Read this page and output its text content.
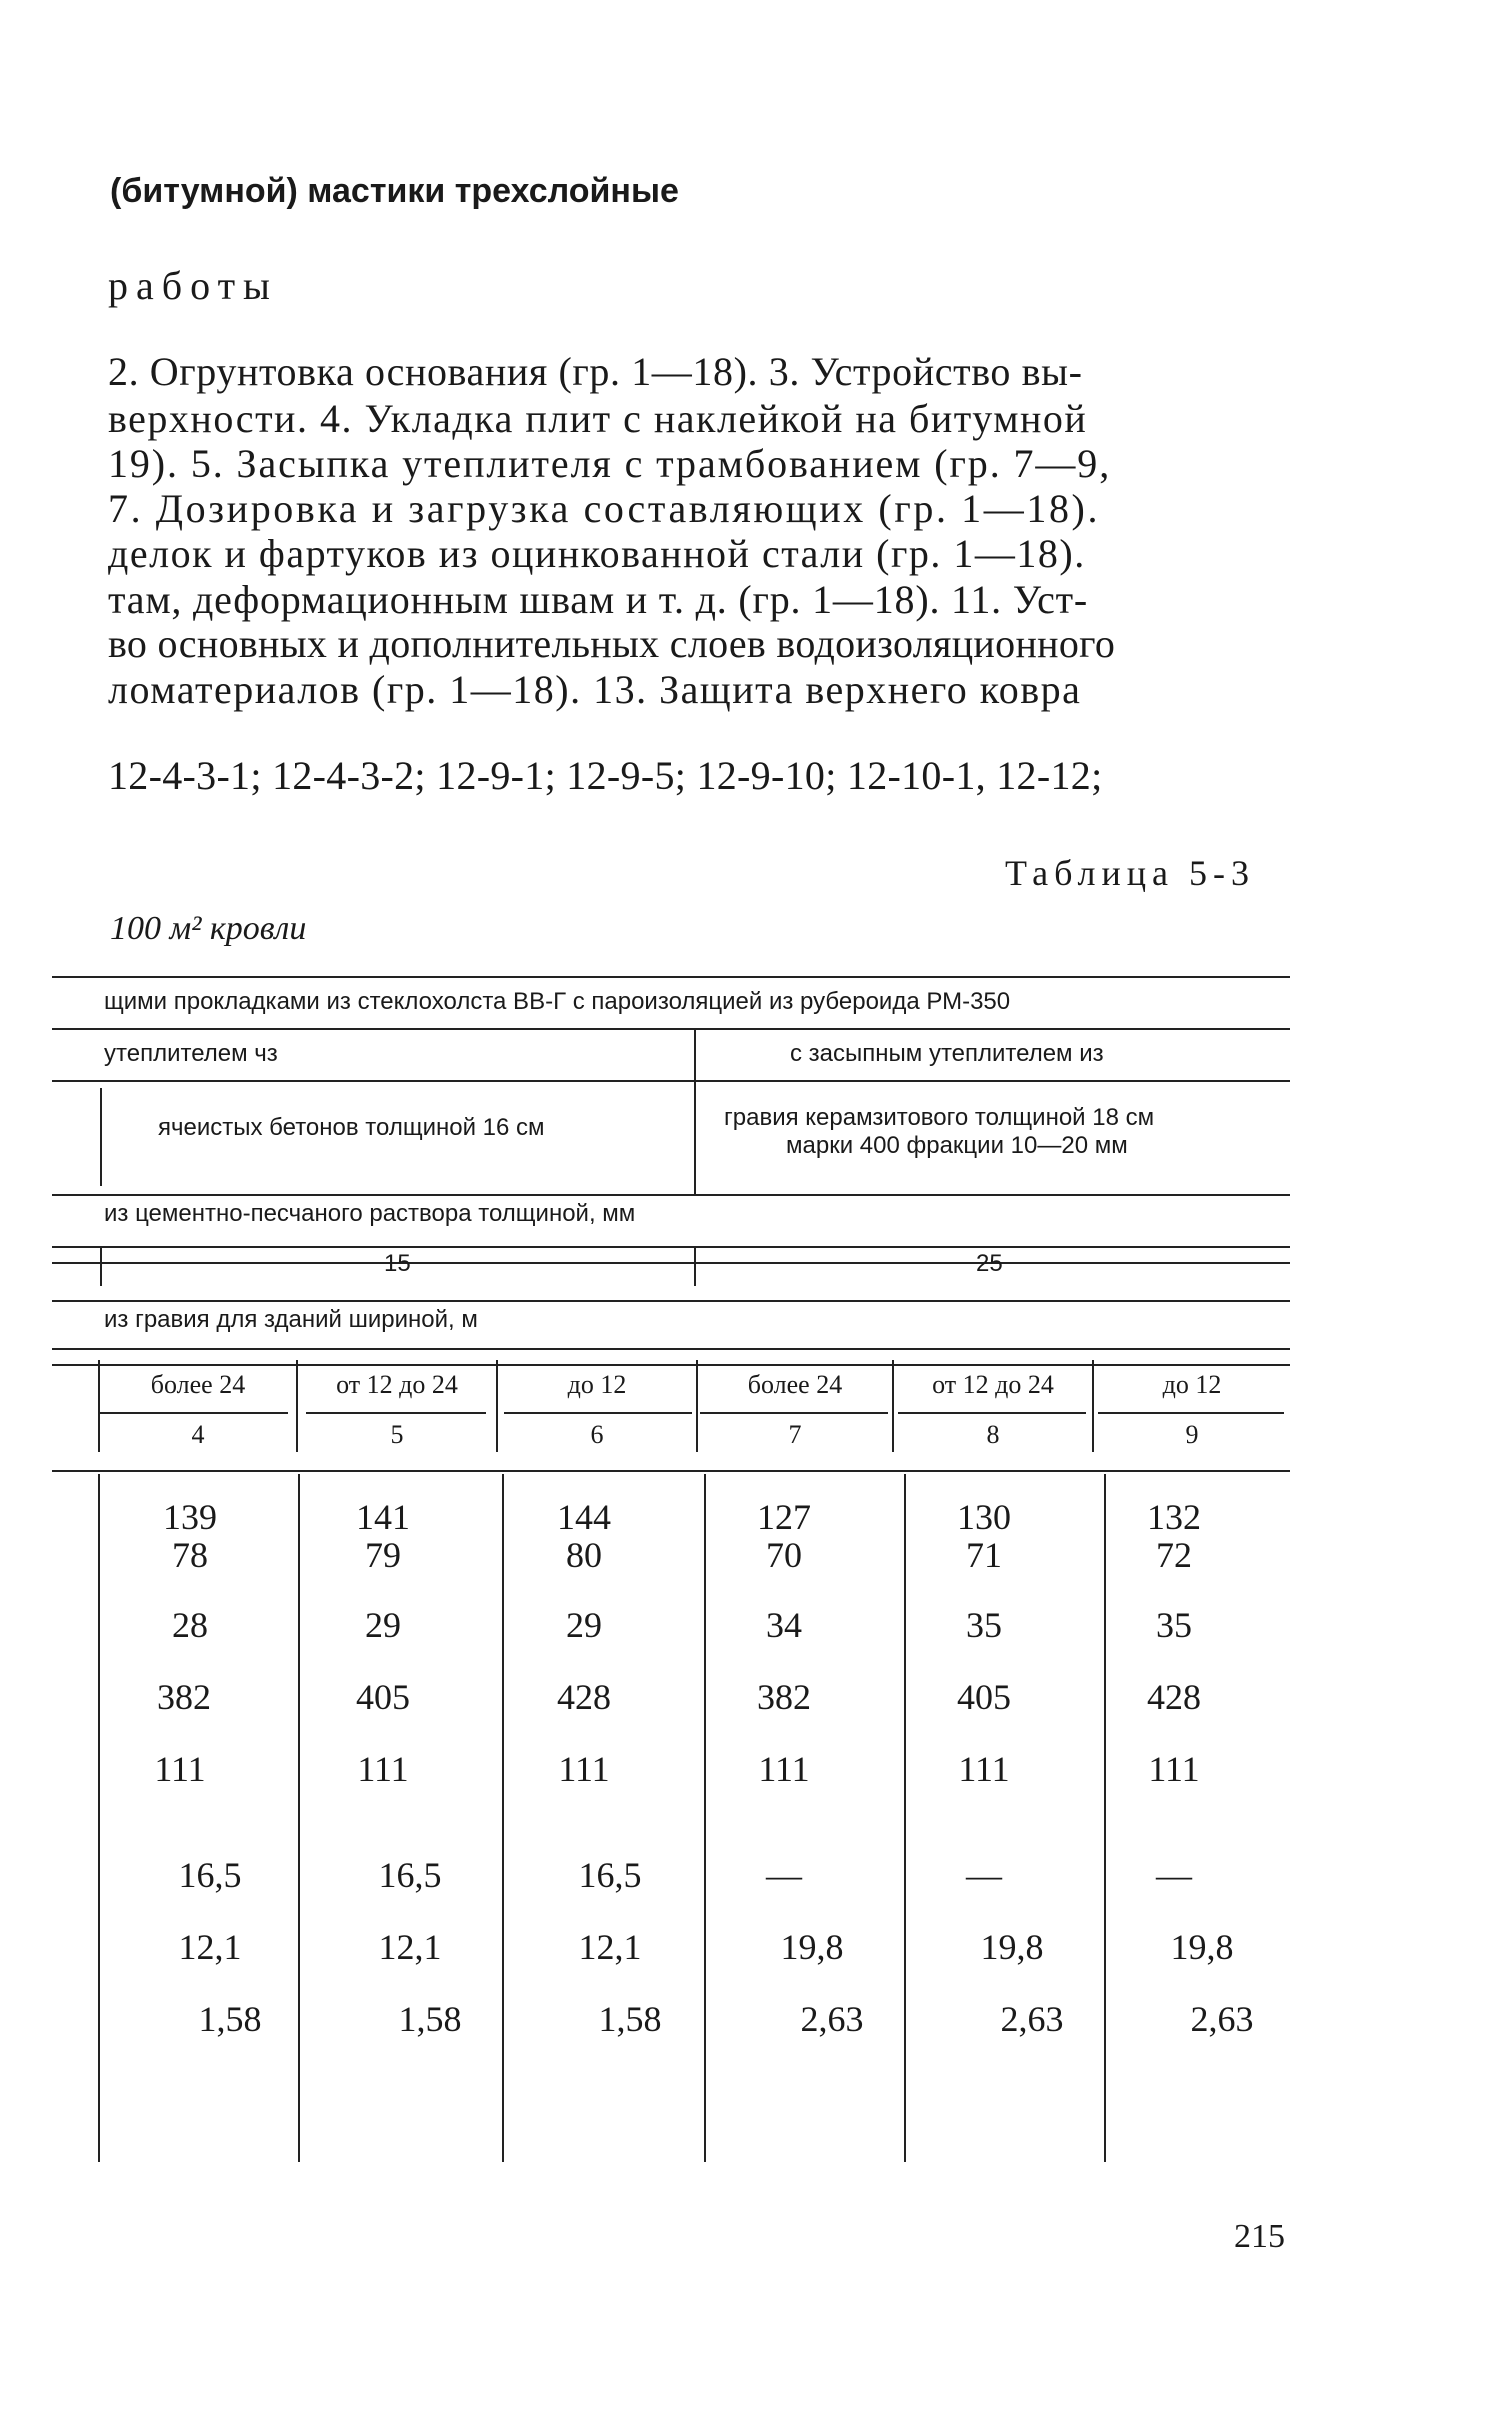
(битумной) мастики трехслойные
работы
2. Огрунтовка основания (гр. 1—18). 3. Устройство вы-
верхности. 4. Укладка плит с наклейкой на битумной
19). 5. Засыпка утеплителя с трамбованием (гр. 7—9,
7. Дозировка и загрузка составляющих (гр. 1—18).
делок и фартуков из оцинкованной стали (гр. 1—18).
там, деформационным швам и т. д. (гр. 1—18). 11. Уст-
во основных и дополнительных слоев водоизоляционного
ломатериалов (гр. 1—18). 13. Защита верхнего ковра
12-4-3-1; 12-4-3-2; 12-9-1; 12-9-5; 12-9-10; 12-10-1, 12-12;
Таблица 5-3
100 м² кровли
щими прокладками из стеклохолста ВВ-Г с пароизоляцией из рубероида РМ-350
утеплителем чз	с засыпным утеплителем из
ячеистых бетонов толщиной 16 см	гравия керамзитового толщиной 18 см
марки 400 фракции 10—20 мм
из цементно-песчаного раствора толщиной, мм
15	25
из гравия для зданий шириной, м
более 24	от 12 до 24	до 12	более 24	от 12 до 24	до 12
4	5	6	7	8	9
139	141	144	127	130	132
78	79	80	70	71	72
28	29	29	34	35	35
382	405	428	382	405	428
111	111	111	111	111	111
16,5	16,5	16,5	—	—	—
12,1	12,1	12,1	19,8	19,8	19,8
1,58	1,58	1,58	2,63	2,63	2,63
215
